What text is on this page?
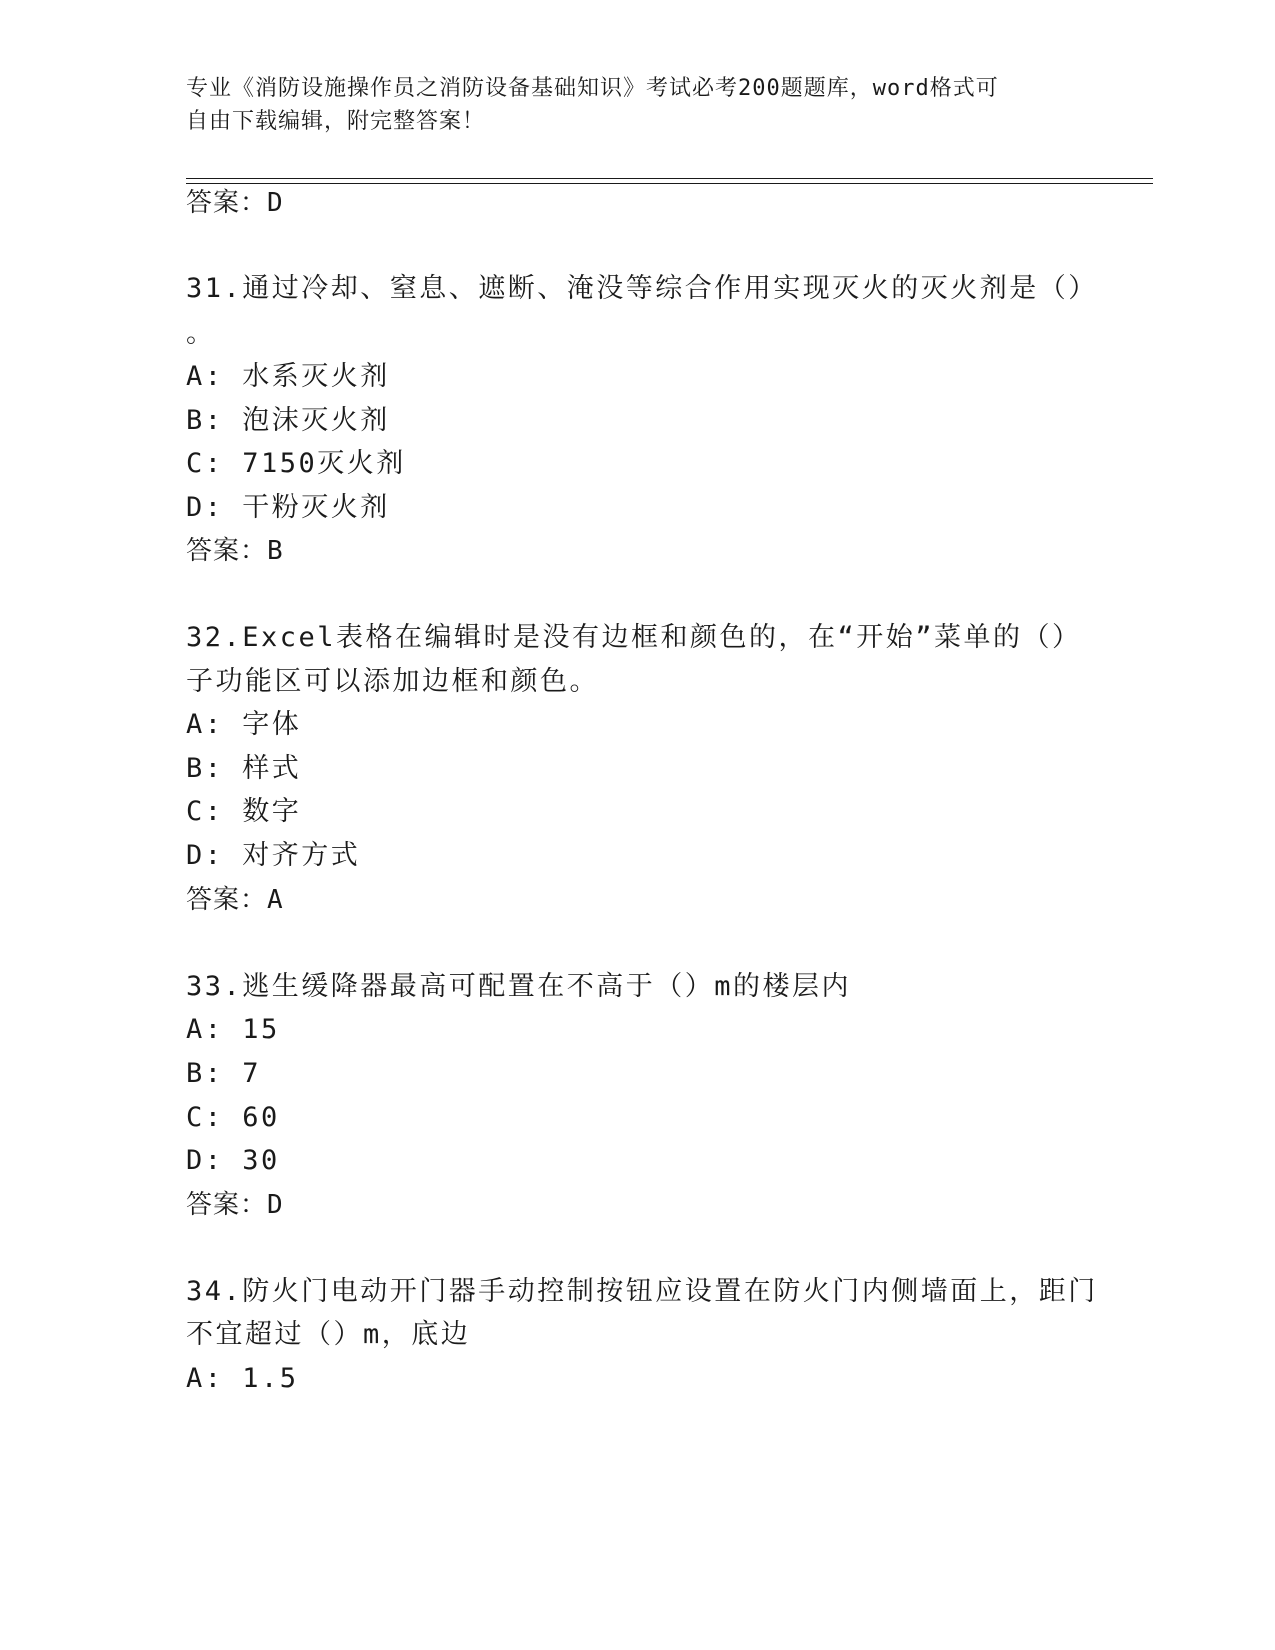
专业《消防设施操作员之消防设备基础知识》考试必考200题题库，word格式可
自由下载编辑，附完整答案！
答案：D
31.通过冷却、窒息、遮断、淹没等综合作用实现灭火的灭火剂是（）
。
A: 水系灭火剂
B: 泡沫灭火剂
C: 7150灭火剂
D: 干粉灭火剂
答案：B
32.Excel表格在编辑时是没有边框和颜色的，在“开始”菜单的（）
子功能区可以添加边框和颜色。
A: 字体
B: 样式
C: 数字
D: 对齐方式
答案：A
33.逃生缓降器最高可配置在不高于（）m的楼层内
A: 15
B: 7
C: 60
D: 30
答案：D
34.防火门电动开门器手动控制按钮应设置在防火门内侧墙面上，距门
不宜超过（）m，底边
A: 1.5
